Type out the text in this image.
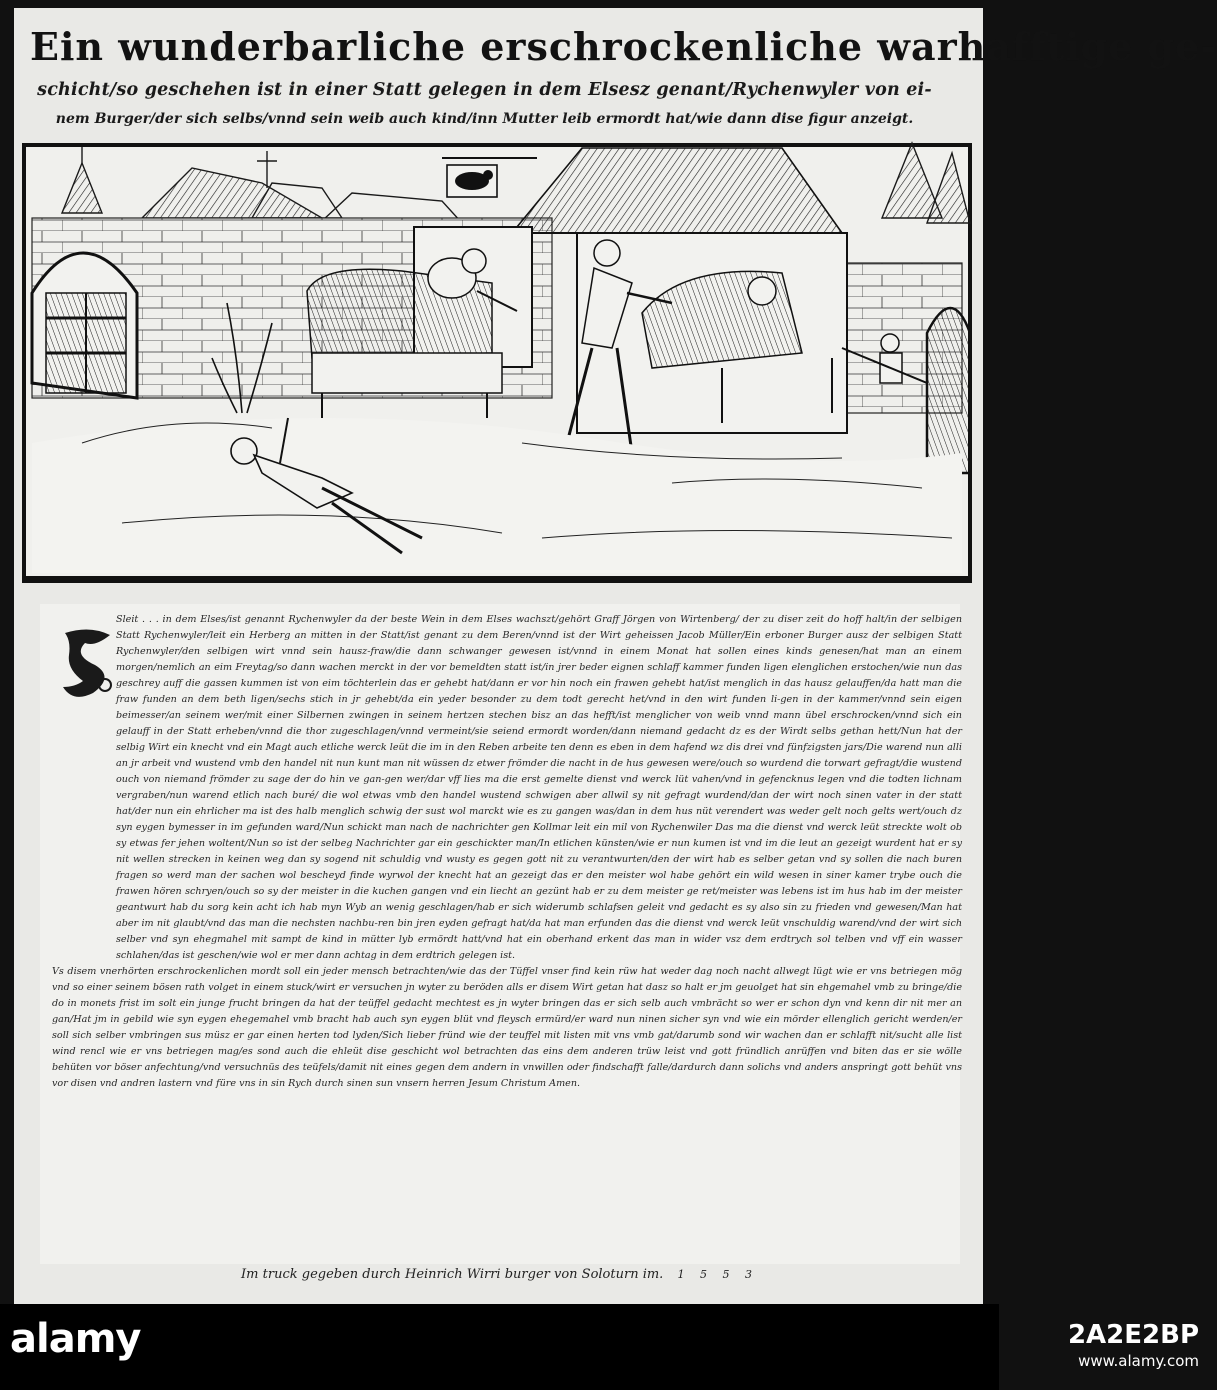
Ein wunderbarliche erschrockenliche warhafftige ge-
schicht/so geschehen ist in einer Statt gelegen in dem Elsesz genant/Rychenwyler von ei-
nem Burger/der sich selbs/vnnd sein weib auch kind/inn Mutter leib ermordt hat/wie dann dise figur anzeigt.

Sleit . . . in dem Elses/ist genannt Rychenwyler da der beste Wein in dem Elses wachszt/gehört Graff Jörgen von Wirtenberg/ der zu diser zeit do hoff halt/in der selbigen Statt Rychenwyler/leit ein Herberg an mitten in der Statt/ist genant zu dem Beren/vnnd ist der Wirt geheissen Jacob Müller/Ein erboner Burger ausz der selbigen Statt Rychenwyler/den selbigen wirt vnnd sein hausz-fraw/die dann schwanger gewesen ist/vnnd in einem Monat hat sollen eines kinds genesen/hat man an einem morgen/nemlich an eim Freytag/so dann wachen merckt in der vor bemeldten statt ist/in jrer beder eignen schlaff kammer funden ligen elenglichen erstochen/wie nun das geschrey auff die gassen kummen ist von eim töchterlein das er gehebt hat/dann er vor hin noch ein frawen gehebt hat/ist menglich in das hausz gelauffen/da hatt man die fraw funden an dem beth ligen/sechs stich in jr gehebt/da ein yeder besonder zu dem todt gerecht het/vnd in den wirt funden li-gen in der kammer/vnnd sein eigen beimesser/an seinem wer/mit einer Silbernen zwingen in seinem hertzen stechen bisz an das hefft/ist menglicher von weib vnnd mann übel erschrocken/vnnd sich ein gelauff in der Statt erheben/vnnd die thor zugeschlagen/vnnd vermeint/sie seiend ermordt worden/dann niemand gedacht dz es der Wirdt selbs gethan hett/Nun hat der selbig Wirt ein knecht vnd ein Magt auch etliche werck leüt die im in den Reben arbeite ten denn es eben in dem hafend wz dis drei vnd fünfzigsten jars/Die warend nun alli an jr arbeit vnd wustend vmb den handel nit nun kunt man nit wüssen dz etwer frömder die nacht in de hus gewesen were/ouch so wurdend die torwart gefragt/die wustend ouch von niemand frömder zu sage der do hin ve gan-gen wer/dar vff lies ma die erst gemelte dienst vnd werck lüt vahen/vnd in gefencknus legen vnd die todten lichnam vergraben/nun warend etlich nach buré/ die wol etwas vmb den handel wustend schwigen aber allwil sy nit gefragt wurdend/dan der wirt noch sinen vater in der statt hat/der nun ein ehrlicher ma ist des halb menglich schwig der sust wol marckt wie es zu gangen was/dan in dem hus nüt verendert was weder gelt noch gelts wert/ouch dz syn eygen bymesser in im gefunden ward/Nun schickt man nach de nachrichter gen Kollmar leit ein mil von Rychenwiler Das ma die dienst vnd werck leüt streckte wolt ob sy etwas fer jehen woltent/Nun so ist der selbeg Nachrichter gar ein geschickter man/In etlichen künsten/wie er nun kumen ist vnd im die leut an gezeigt wurdent hat er sy nit wellen strecken in keinen weg dan sy sogend nit schuldig vnd wusty es gegen gott nit zu verantwurten/den der wirt hab es selber getan vnd sy sollen die nach buren fragen so werd man der sachen wol bescheyd finde wyrwol der knecht hat an gezeigt das er den meister wol habe gehört ein wild wesen in siner kamer trybe ouch die frawen hören schryen/ouch so sy der meister in die kuchen gangen vnd ein liecht an gezünt hab er zu dem meister ge ret/meister was lebens ist im hus hab im der meister geantwurt hab du sorg kein acht ich hab myn Wyb an wenig geschlagen/hab er sich widerumb schlafsen geleit vnd gedacht es sy also sin zu frieden vnd gewesen/Man hat aber im nit glaubt/vnd das man die nechsten nachbu-ren bin jren eyden gefragt hat/da hat man erfunden das die dienst vnd werck leüt vnschuldig warend/vnd der wirt sich selber vnd syn ehegmahel mit sampt de kind in mütter lyb ermördt hatt/vnd hat ein oberhand erkent das man in wider vsz dem erdtrych sol telben vnd vff ein wasser schlahen/das ist geschen/wie wol er mer dann achtag in dem erdtrich gelegen ist.

Vs disem vnerhörten erschrockenlichen mordt soll ein jeder mensch betrachten/wie das der Tüffel vnser find kein rüw hat weder dag noch nacht allwegt lügt wie er vns betriegen mög vnd so einer seinem bösen rath volget in einem stuck/wirt er versuchen jn wyter zu beröden alls er disem Wirt getan hat dasz so halt er jm geuolget hat sin ehgemahel vmb zu bringe/die do in monets frist im solt ein junge frucht bringen da hat der teüffel gedacht mechtest es jn wyter bringen das er sich selb auch vmbrächt so wer er schon dyn vnd kenn dir nit mer an gan/Hat jm in gebild wie syn eygen ehegemahel vmb bracht hab auch syn eygen blüt vnd fleysch ermürd/er ward nun ninen sicher syn vnd wie ein mörder ellenglich gericht werden/er soll sich selber vmbringen sus müsz er gar einen herten tod lyden/Sich lieber fründ wie der teuffel mit listen mit vns vmb gat/darumb sond wir wachen dan er schlafft nit/sucht alle list wind rencl wie er vns betriegen mag/es sond auch die ehleüt dise geschicht wol betrachten das eins dem anderen trüw leist vnd gott fründlich anrüffen vnd biten das er sie wölle behüten vor böser anfechtung/vnd versuchnüs des teüfels/damit nit eines gegen dem andern in vnwillen oder findschafft falle/dardurch dann solichs vnd anders anspringt gott behüt vns vor disen vnd andren lastern vnd füre vns in sin Rych durch sinen sun vnsern herren Jesum Christum Amen.

Im truck gegeben durch Heinrich Wirri burger von Soloturn im. 1 5 5 3
alamy	2A2E2BP
www.alamy.com
